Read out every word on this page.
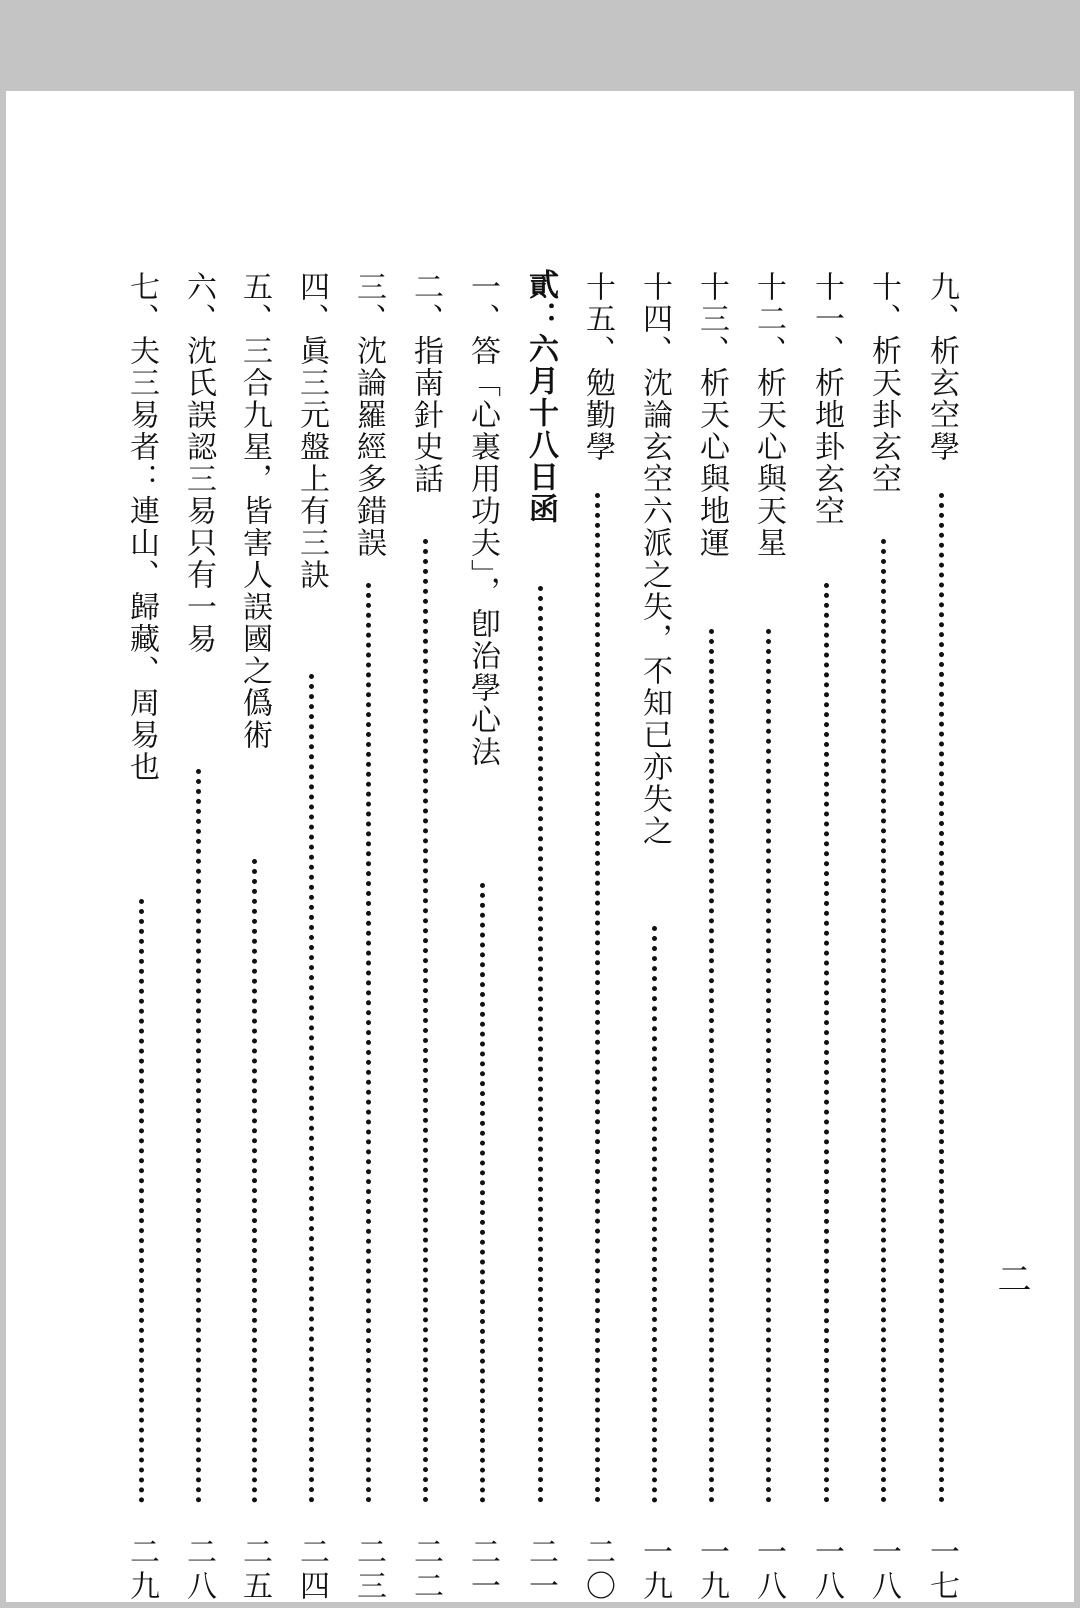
九、析玄空學
一七
十、析天卦玄空
一八
十一、析地卦玄空
一八
十二、析天心與天星
一八
十三、析天心與地運
一九
十四、沈論玄空六派之失，不知已亦失之
一九
十五、勉勤學
二〇
貳：六月十八日函
二一
一、答「心裏用功夫」，卽治學心法
二一
二、指南針史話
二二
三、沈論羅經多錯誤
二三
四、眞三元盤上有三訣
二四
五、三合九星，皆害人誤國之僞術
二五
六、沈氏誤認三易只有一易
二八
七、夫三易者：連山、歸藏、周易也
二九
二
